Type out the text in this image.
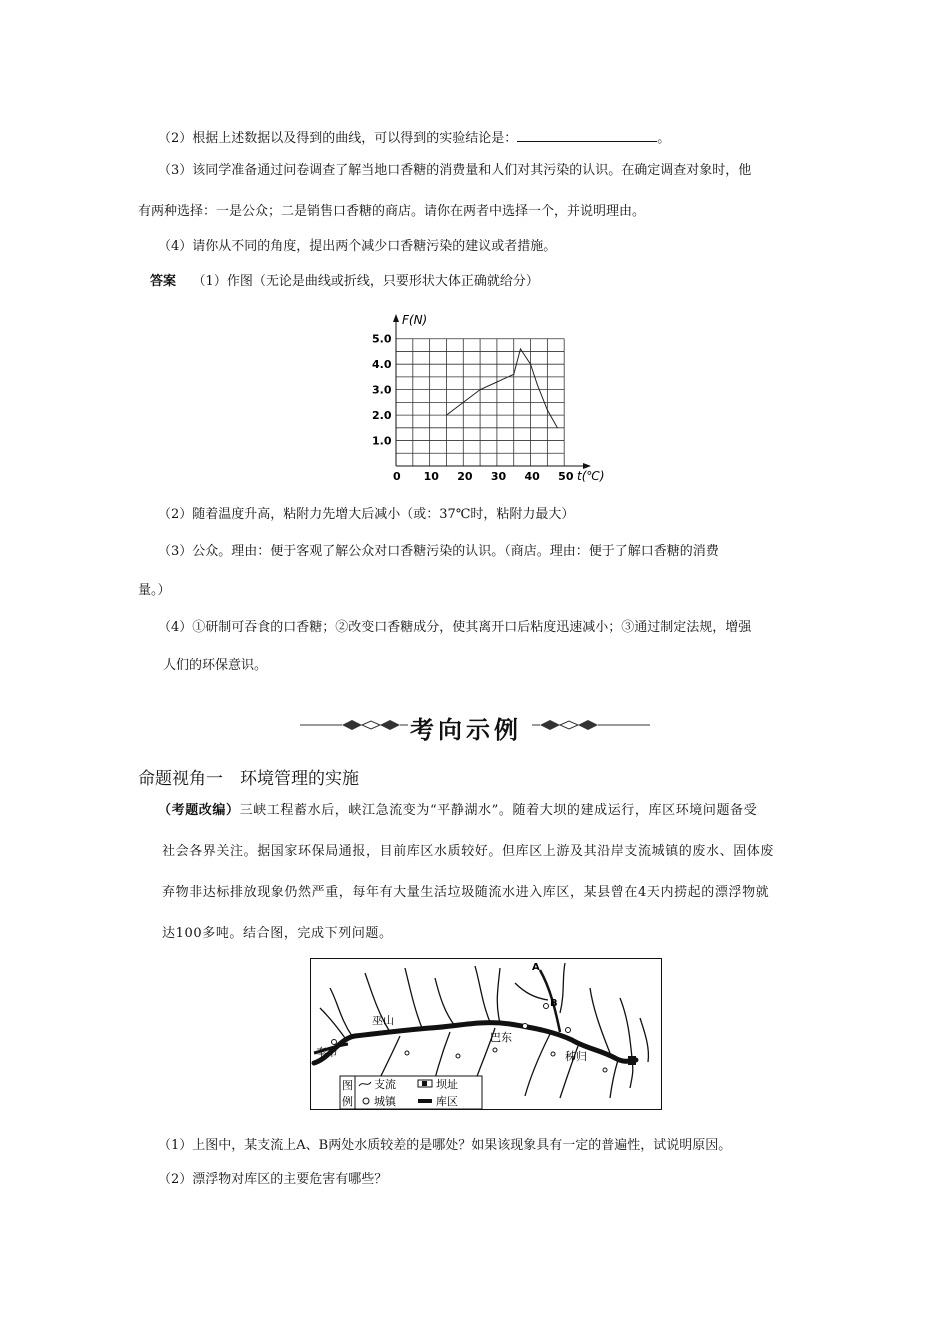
（2）根据上述数据以及得到的曲线，可以得到的实验结论是：	。
（3）该同学准备通过问卷调查了解当地口香糖的消费量和人们对其污染的认识。在确定调查对象时，他
有两种选择：一是公众；二是销售口香糖的商店。请你在两者中选择一个，并说明理由。
（4）请你从不同的角度，提出两个减少口香糖污染的建议或者措施。
答案 （1）作图（无论是曲线或折线，只要形状大体正确就给分）
1.0
2.0
3.0
4.0
5.0
0 10 20 30 40 50
F(N)
t(℃)
（2）随着温度升高，粘附力先增大后减小（或：37℃时，粘附力最大）
（3）公众。理由：便于客观了解公众对口香糖污染的认识。（商店。理由：便于了解口香糖的消费
量。）
（4）①研制可吞食的口香糖；②改变口香糖成分，使其离开口后粘度迅速减小；③通过制定法规，增强
人们的环保意识。
考向示例
命题视角一　环境管理的实施
（考题改编）三峡工程蓄水后，峡江急流变为“平静湖水”。随着大坝的建成运行，库区环境问题备受
社会各界关注。据国家环保局通报，目前库区水质较好。但库区上游及其沿岸支流城镇的废水、固体废
弃物非达标排放现象仍然严重，每年有大量生活垃圾随流水进入库区，某县曾在4天内捞起的漂浮物就
达100多吨。结合图，完成下列问题。
A
B
巫山
巴东
奉节	秭归
图
例
支流	坝址
城镇	库区
（1）上图中，某支流上A、B两处水质较差的是哪处？如果该现象具有一定的普遍性，试说明原因。
（2）漂浮物对库区的主要危害有哪些？
